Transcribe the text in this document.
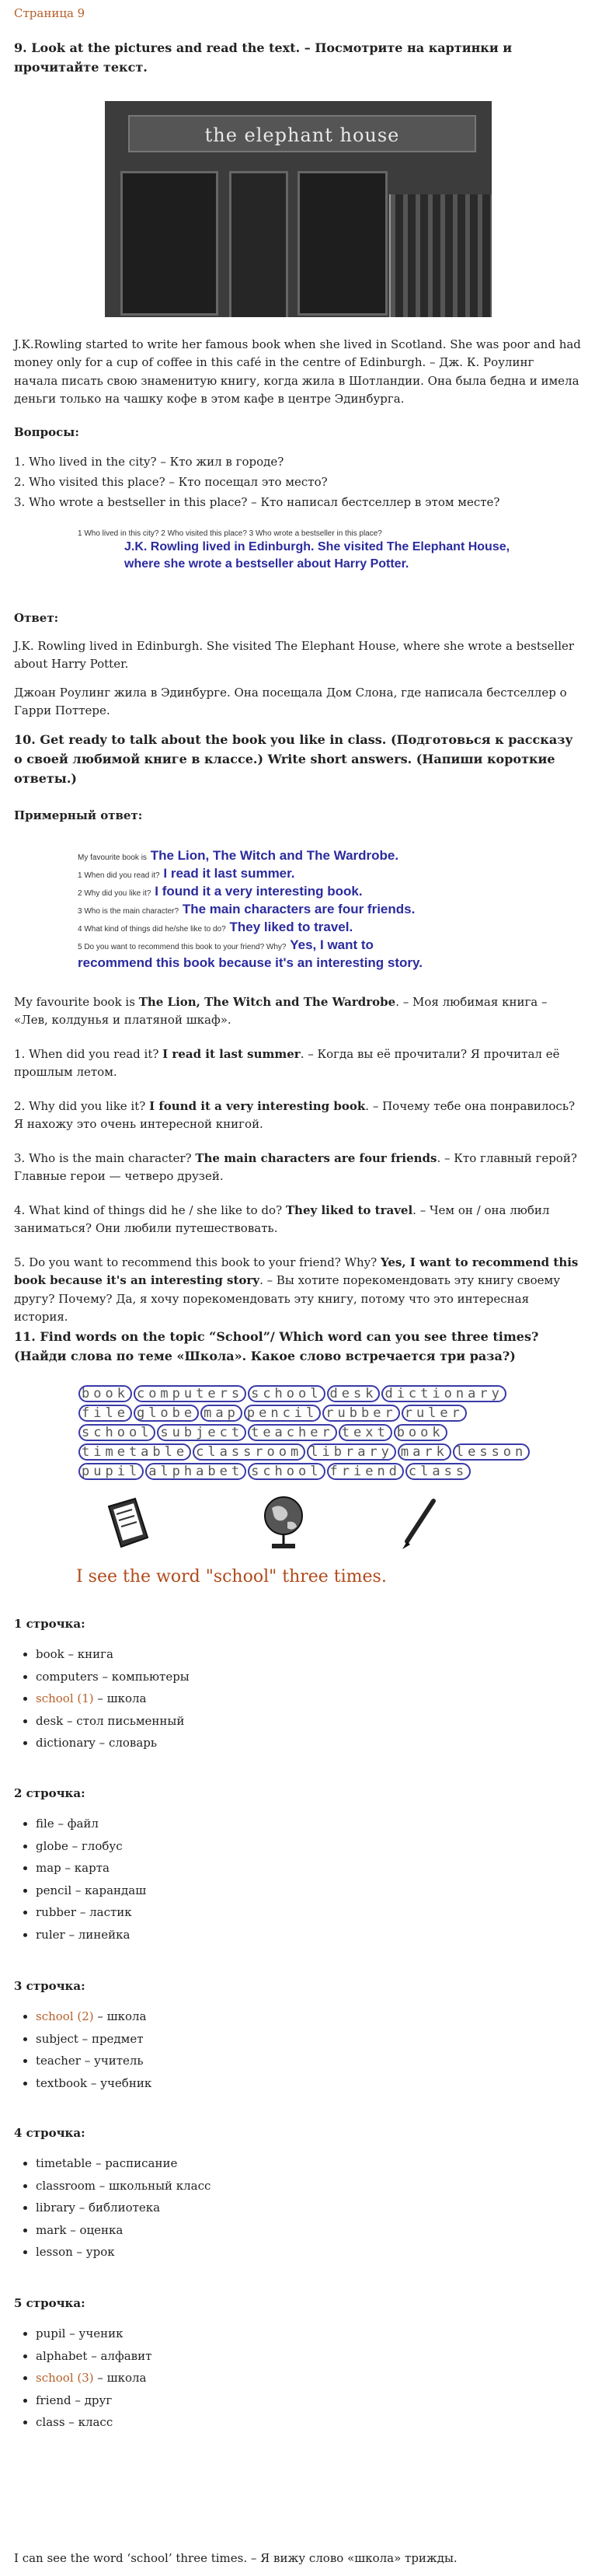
Страница 9

9. Look at the pictures and read the text. – Посмотрите на картинки и прочитайте текст.

the elephant house

J.K.Rowling started to write her famous book when she lived in Scotland. She was poor and had money only for a cup of coffee in this café in the centre of Edinburgh. – Дж. К. Роулинг начала писать свою знаменитую книгу, когда жила в Шотландии. Она была бедна и имела деньги только на чашку кофе в этом кафе в центре Эдинбурга.

Вопросы:

1. Who lived in the city? – Кто жил в городе?

2. Who visited this place? – Кто посещал это место?

3. Who wrote a bestseller in this place? – Кто написал бестселлер в этом месте?

1 Who lived in this city? 2 Who visited this place? 3 Who wrote a bestseller in this place?
J.K. Rowling lived in Edinburgh. She visited The Elephant House, where she wrote a bestseller about Harry Potter.

Ответ:

J.K. Rowling lived in Edinburgh. She visited The Elephant House, where she wrote a bestseller about Harry Potter.

Джоан Роулинг жила в Эдинбурге. Она посещала Дом Слона, где написала бестселлер о Гарри Поттере.

10. Get ready to talk about the book you like in class. (Подготовься к рассказу о своей любимой книге в классе.) Write short answers. (Напиши короткие ответы.)

Примерный ответ:

My favourite book is The Lion, The Witch and The Wardrobe.
1 When did you read it? I read it last summer.
2 Why did you like it? I found it a very interesting book.
3 Who is the main character? The main characters are four friends.
4 What kind of things did he/she like to do? They liked to travel.
5 Do you want to recommend this book to your friend? Why? Yes, I want to
recommend this book because it's an interesting story.

My favourite book is The Lion, The Witch and The Wardrobe. – Моя любимая книга – «Лев, колдунья и платяной шкаф».

1. When did you read it? I read it last summer. – Когда вы её прочитали? Я прочитал её прошлым летом.

2. Why did you like it? I found it a very interesting book. – Почему тебе она понравилось? Я нахожу это очень интересной книгой.

3. Who is the main character? The main characters are four friends. – Кто главный герой? Главные герои — четверо друзей.

4. What kind of things did he / she like to do? They liked to travel. – Чем он / она любил заниматься? Они любили путешествовать.

5. Do you want to recommend this book to your friend? Why? Yes, I want to recommend this book because it's an interesting story. – Вы хотите порекомендовать эту книгу своему другу? Почему? Да, я хочу порекомендовать эту книгу, потому что это интересная история.

11. Find words on the topic “School”/ Which word can you see three times? (Найди слова по теме «Школа». Какое слово встречается три раза?)

book computers school desk dictionary
file globe map pencil rubber ruler
school subject teacher text book
timetable classroom library mark lesson
pupil alphabet school friend class

I see the word "school" three times.

1 строчка:

• book – книга
• computers – компьютеры
• school (1) – школа
• desk – стол письменный
• dictionary – словарь

2 строчка:

• file – файл
• globe – глобус
• map – карта
• pencil – карандаш
• rubber – ластик
• ruler – линейка

3 строчка:

• school (2) – школа
• subject – предмет
• teacher – учитель
• textbook – учебник

4 строчка:

• timetable – расписание
• classroom – школьный класс
• library – библиотека
• mark – оценка
• lesson – урок

5 строчка:

• pupil – ученик
• alphabet – алфавит
• school (3) – школа
• friend – друг
• class – класс

I can see the word ‘school’ three times. – Я вижу слово «школа» трижды.
